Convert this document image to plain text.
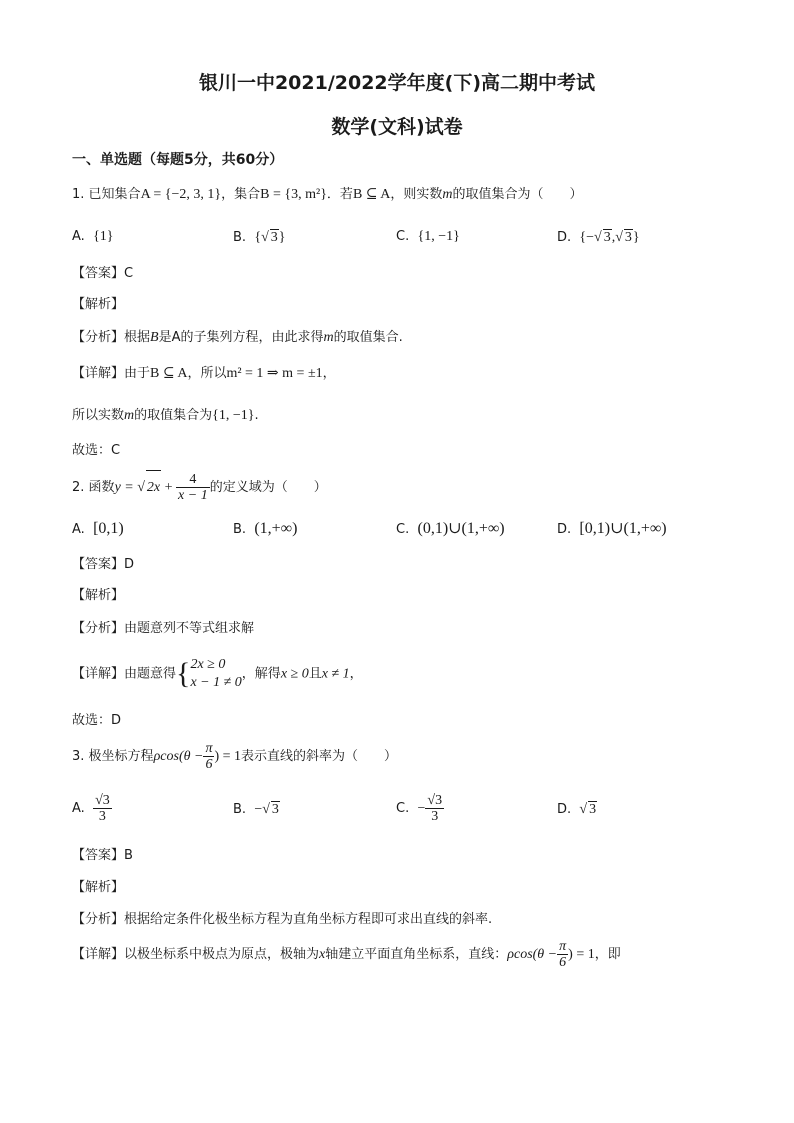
银川一中2021/2022学年度(下)高二期中考试
数学(文科)试卷
一、单选题（每题5分，共60分）
1. 已知集合A = {−2, 3, 1}，集合B = {3, m²}．若B ⊆ A，则实数m的取值集合为（　　）
A. {1}	B. {√ 3}	C. {1, −1}	D. {−√ 3,√ 3}
【答案】C
【解析】
【分析】根据B是A的子集列方程，由此求得m的取值集合.
【详解】由于B ⊆ A，所以m² = 1 ⇒ m = ±1，
所以实数m的取值集合为{1, −1}.
故选：C
2. 函数y = √ $2x + \frac{4}{x - 1}$ 的定义域为（　　）
A. [0,1)	B. (1,+∞)	C. (0,1)∪(1,+∞)	D. [0,1)∪(1,+∞)
【答案】D
【解析】
【分析】由题意列不等式组求解
【详解】由题意得{ 2x ≥ 0
x − 1 ≠ 0
，解得x ≥ 0且x ≠ 1，
故选：D
3. 极坐标方程$\rho\cos(\theta - \frac{\pi}{6}$ ) = 1表示直线的斜率为（　　）
A. $\frac{√3}{3}$	B. −√ 3	C. − $\frac{√3}{3}$	D. √ 3
【答案】B
【解析】
【分析】根据给定条件化极坐标方程为直角坐标方程即可求出直线的斜率.
【详解】以极坐标系中极点为原点，极轴为x轴建立平面直角坐标系，直线：$\rho\cos(\theta - \frac{\pi}{6}$ ) = 1，即
